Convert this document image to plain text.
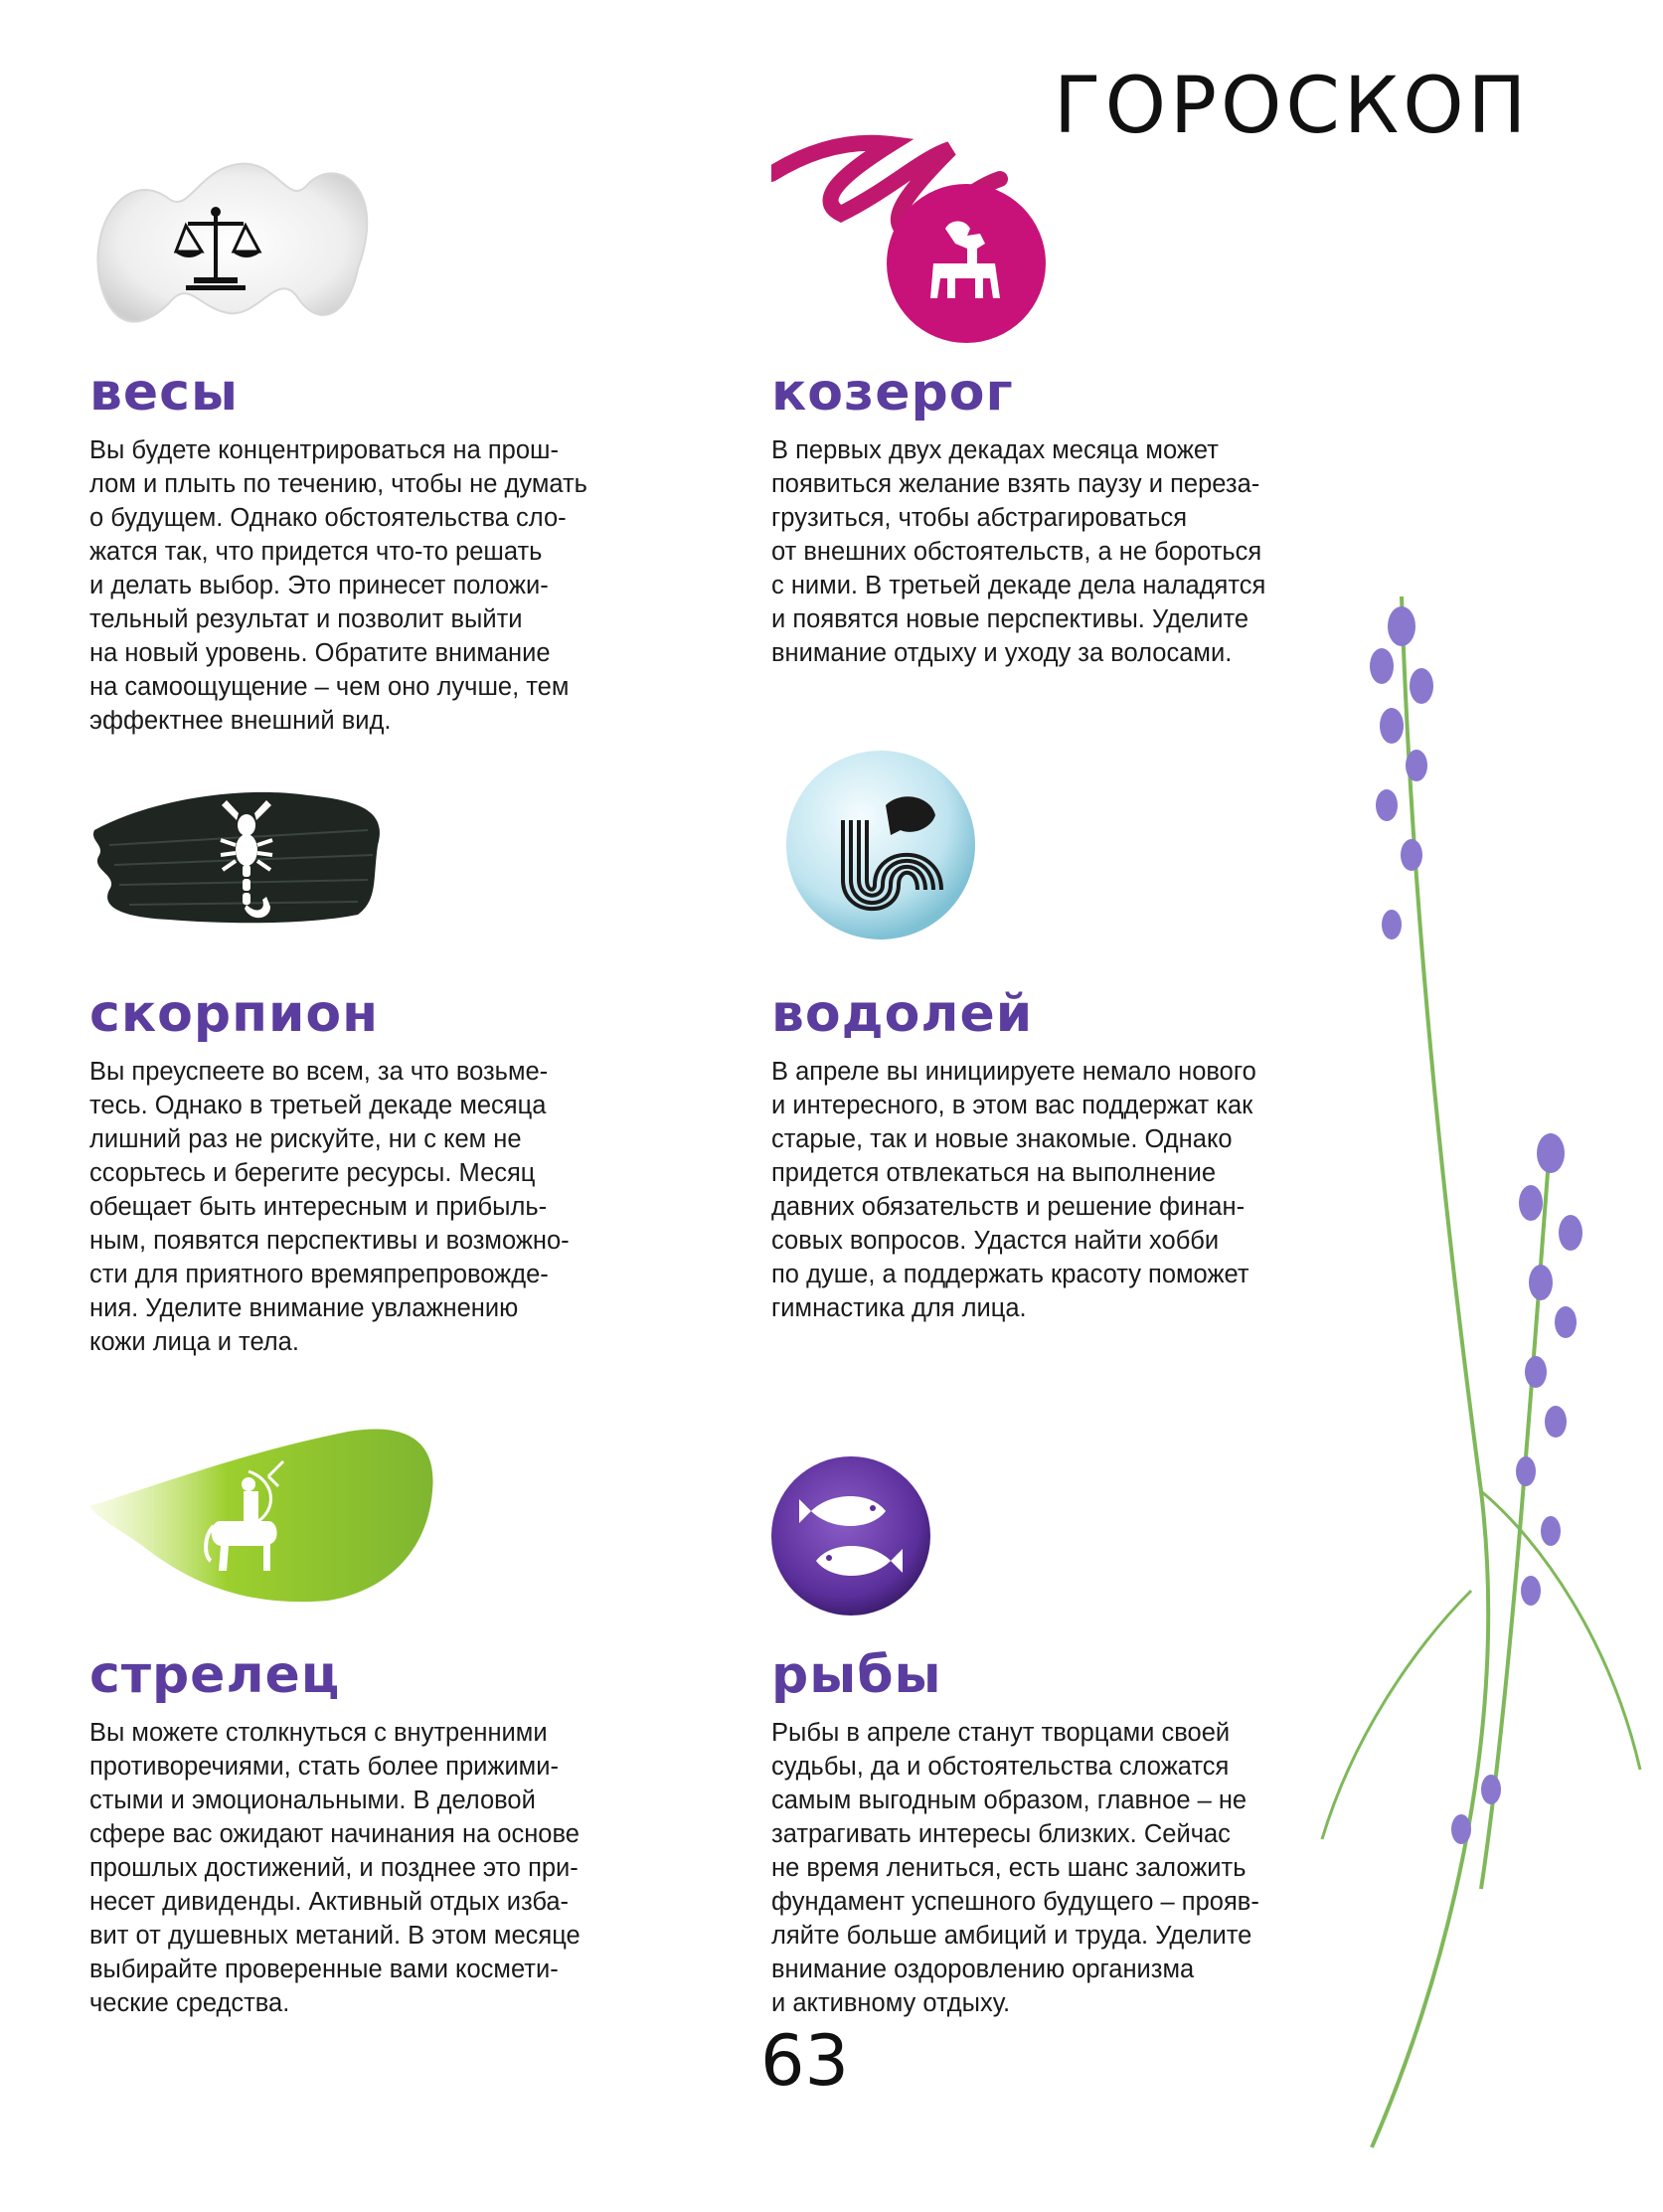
ГОРОСКОП
весы

Вы будете концентрироваться на прош-
лом и плыть по течению, чтобы не думать
о будущем. Однако обстоятельства сло-
жатся так, что придется что-то решать
и делать выбор. Это принесет положи-
тельный результат и позволит выйти
на новый уровень. Обратите внимание
на самоощущение – чем оно лучше, тем
эффектнее внешний вид.

козерог

В первых двух декадах месяца может
появиться желание взять паузу и переза-
грузиться, чтобы абстрагироваться
от внешних обстоятельств, а не бороться
с ними. В третьей декаде дела наладятся
и появятся новые перспективы. Уделите
внимание отдыху и уходу за волосами.

скорпион

Вы преуспеете во всем, за что возьме-
тесь. Однако в третьей декаде месяца
лишний раз не рискуйте, ни с кем не
ссорьтесь и берегите ресурсы. Месяц
обещает быть интересным и прибыль-
ным, появятся перспективы и возможно-
сти для приятного времяпрепровожде-
ния. Уделите внимание увлажнению
кожи лица и тела.

водолей

В апреле вы инициируете немало нового
и интересного, в этом вас поддержат как
старые, так и новые знакомые. Однако
придется отвлекаться на выполнение
давних обязательств и решение финан-
совых вопросов. Удастся найти хобби
по душе, а поддержать красоту поможет
гимнастика для лица.

стрелец

Вы можете столкнуться с внутренними
противоречиями, стать более прижими-
стыми и эмоциональными. В деловой
сфере вас ожидают начинания на основе
прошлых достижений, и позднее это при-
несет дивиденды. Активный отдых изба-
вит от душевных метаний. В этом месяце
выбирайте проверенные вами космети-
ческие средства.

рыбы

Рыбы в апреле станут творцами своей
судьбы, да и обстоятельства сложатся
самым выгодным образом, главное – не
затрагивать интересы близких. Сейчас
не время лениться, есть шанс заложить
фундамент успешного будущего – прояв-
ляйте больше амбиций и труда. Уделите
внимание оздоровлению организма
и активному отдыху.

63
